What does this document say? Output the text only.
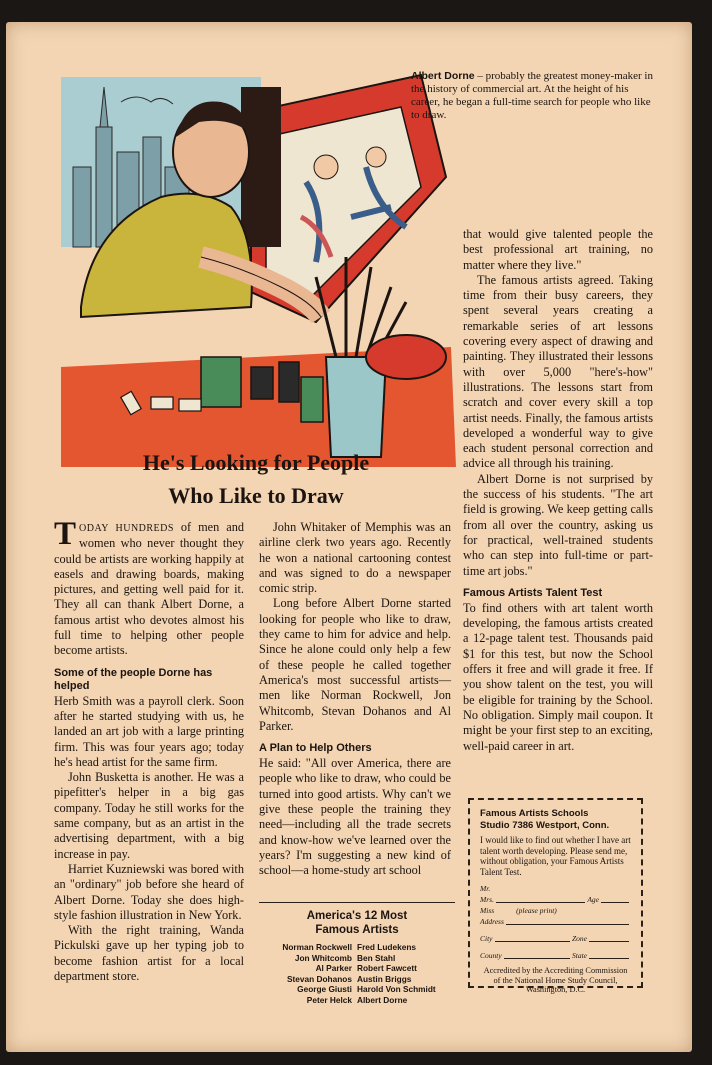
Albert Dorne – probably the greatest money-maker in the history of commercial art. At the height of his career, he began a full-time search for people who like to draw.
He's Looking for People
Who Like to Draw

TODAY HUNDREDS of men and women who never thought they could be artists are working happily at easels and drawing boards, making pictures, and getting well paid for it. They all can thank Albert Dorne, a famous artist who devotes almost his full time to helping other people become artists.

Some of the people Dorne has helped

Herb Smith was a payroll clerk. Soon after he started studying with us, he landed an art job with a large printing firm. This was four years ago; today he's head artist for the same firm.

John Busketta is another. He was a pipefitter's helper in a big gas company. Today he still works for the same company, but as an artist in the advertising department, with a big increase in pay.

Harriet Kuzniewski was bored with an "ordinary" job before she heard of Albert Dorne. Today she does high-style fashion illustration in New York.

With the right training, Wanda Pickulski gave up her typing job to become fashion artist for a local department store.

John Whitaker of Memphis was an airline clerk two years ago. Recently he won a national cartooning contest and was signed to do a newspaper comic strip.

Long before Albert Dorne started looking for people who like to draw, they came to him for advice and help. Since he alone could only help a few of these people he called together America's most successful artists—men like Norman Rockwell, Jon Whitcomb, Stevan Dohanos and Al Parker.

A Plan to Help Others

He said: "All over America, there are people who like to draw, who could be turned into good artists. Why can't we give these people the training they need—including all the trade secrets and know-how we've learned over the years? I'm suggesting a new kind of school—a home-study art school

America's 12 Most
Famous Artists
Norman Rockwell	Fred Ludekens
Jon Whitcomb	Ben Stahl
Al Parker	Robert Fawcett
Stevan Dohanos	Austin Briggs
George Giusti	Harold Von Schmidt
Peter Helck	Albert Dorne

that would give talented people the best professional art training, no matter where they live."

The famous artists agreed. Taking time from their busy careers, they spent several years creating a remarkable series of art lessons covering every aspect of drawing and painting. They illustrated their lessons with over 5,000 "here's-how" illustrations. The lessons start from scratch and cover every skill a top artist needs. Finally, the famous artists developed a wonderful way to give each student personal correction and advice all through his training.

Albert Dorne is not surprised by the success of his students. "The art field is growing. We keep getting calls from all over the country, asking us for practical, well-trained students who can step into full-time or part-time art jobs."

Famous Artists Talent Test

To find others with art talent worth developing, the famous artists created a 12-page talent test. Thousands paid $1 for this test, but now the School offers it free and will grade it free. If you show talent on the test, you will be eligible for training by the School. No obligation. Simply mail coupon. It might be your first step to an exciting, well-paid career in art.

Famous Artists Schools
Studio 7386 Westport, Conn.
I would like to find out whether I have art talent worth developing. Please send me, without obligation, your Famous Artists Talent Test.
Mr.
Mrs.	Age
Miss	(please print)
Address
City	Zone
County	State
Accredited by the Accrediting Commission of the National Home Study Council, Washington, D.C.
